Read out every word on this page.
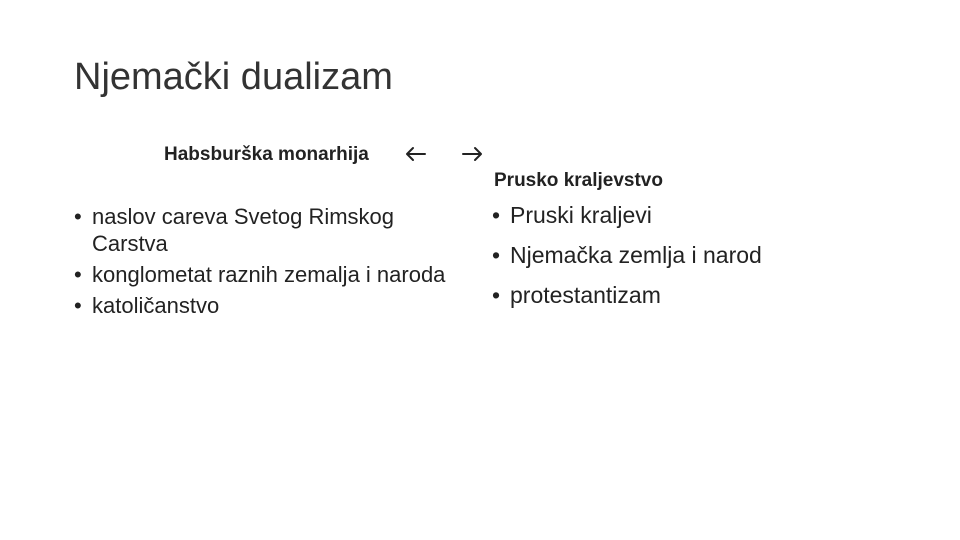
Njemački dualizam
Habsburška monarhija
Prusko kraljevstvo
• naslov careva Svetog Rimskog Carstva
• konglometat raznih zemalja i naroda
• katoličanstvo
• Pruski kraljevi
• Njemačka zemlja i narod
• protestantizam
